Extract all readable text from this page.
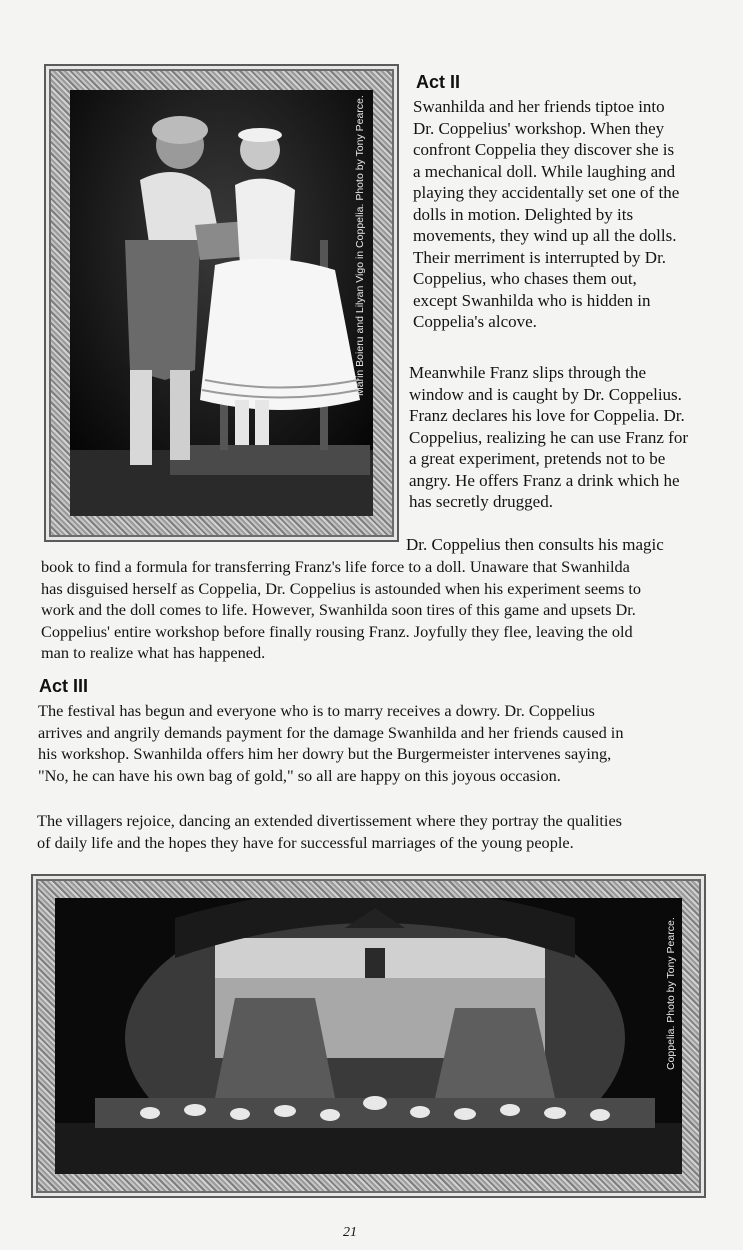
Marin Boieru and Lilyan Vigo in Coppelia. Photo by Tony Pearce.
Act II

Swanhilda and her friends tiptoe into
Dr. Coppelius' workshop. When they
confront Coppelia they discover she is
a mechanical doll. While laughing and
playing they accidentally set one of the
dolls in motion. Delighted by its
movements, they wind up all the dolls.
Their merriment is interrupted by Dr.
Coppelius, who chases them out,
except Swanhilda who is hidden in
Coppelia's alcove.

Meanwhile Franz slips through the
window and is caught by Dr. Coppelius.
Franz declares his love for Coppelia. Dr.
Coppelius, realizing he can use Franz for
a great experiment, pretends not to be
angry. He offers Franz a drink which he
has secretly drugged.

Dr. Coppelius then consults his magic

book to find a formula for transferring Franz's life force to a doll. Unaware that Swanhilda
has disguised herself as Coppelia, Dr. Coppelius is astounded when his experiment seems to
work and the doll comes to life. However, Swanhilda soon tires of this game and upsets Dr.
Coppelius' entire workshop before finally rousing Franz. Joyfully they flee, leaving the old
man to realize what has happened.

Act III

The festival has begun and everyone who is to marry receives a dowry. Dr. Coppelius
arrives and angrily demands payment for the damage Swanhilda and her friends caused in
his workshop. Swanhilda offers him her dowry but the Burgermeister intervenes saying,
"No, he can have his own bag of gold," so all are happy on this joyous occasion.

The villagers rejoice, dancing an extended divertissement where they portray the qualities
of daily life and the hopes they have for successful marriages of the young people.

Coppelia. Photo by Tony Pearce.
21
